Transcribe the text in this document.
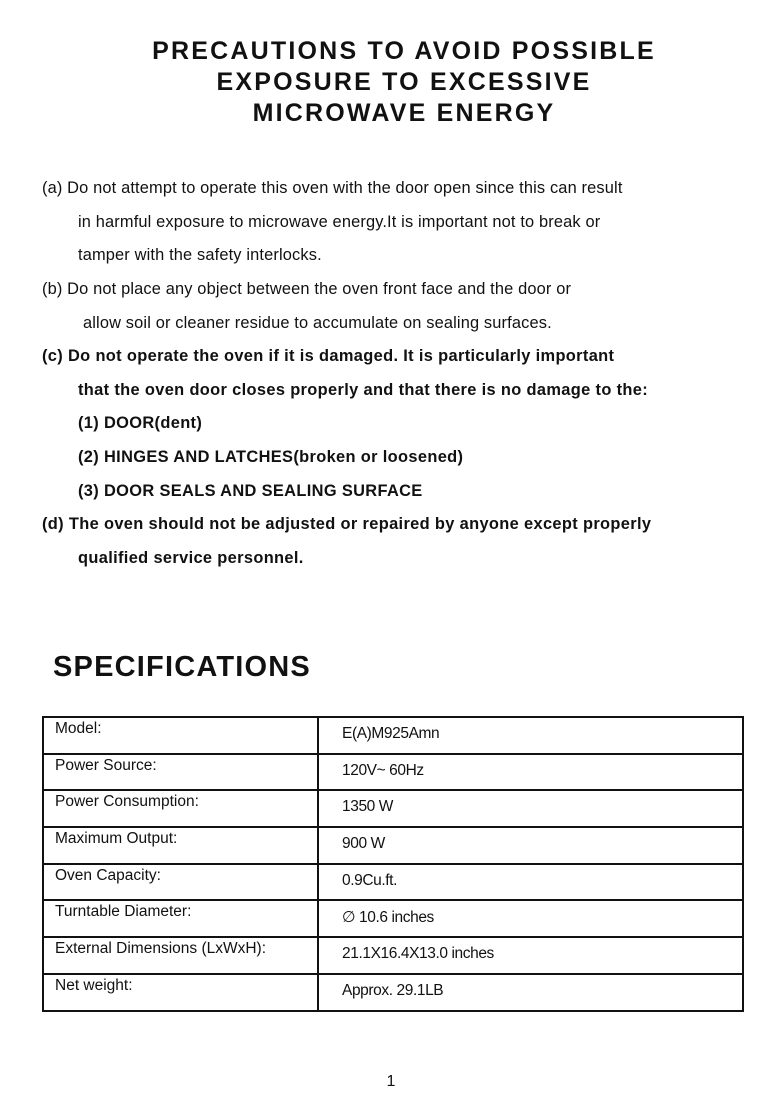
PRECAUTIONS TO AVOID POSSIBLE
EXPOSURE TO EXCESSIVE
MICROWAVE ENERGY
(a) Do not attempt to operate this oven with the door open since this can result
in harmful exposure to microwave energy.It is important not to break or
tamper with the safety interlocks.
(b) Do not place any object between the oven front face and the door or
allow soil or cleaner residue to accumulate on sealing surfaces.
(c) Do not operate the oven if it is damaged. It is particularly important
that the oven door closes properly and that there is no damage to the:
(1) DOOR(dent)
(2) HINGES AND LATCHES(broken or loosened)
(3) DOOR SEALS AND SEALING SURFACE
(d) The oven should not be adjusted or repaired by anyone except properly
qualified service personnel.
SPECIFICATIONS
Model:	E(A)M925Amn
Power Source:	120V~ 60Hz
Power Consumption:	1350 W
Maximum Output:	900 W
Oven Capacity:	0.9Cu.ft.
Turntable Diameter:	∅ 10.6 inches
External Dimensions (LxWxH):	21.1X16.4X13.0 inches
Net weight:	Approx. 29.1LB
1
